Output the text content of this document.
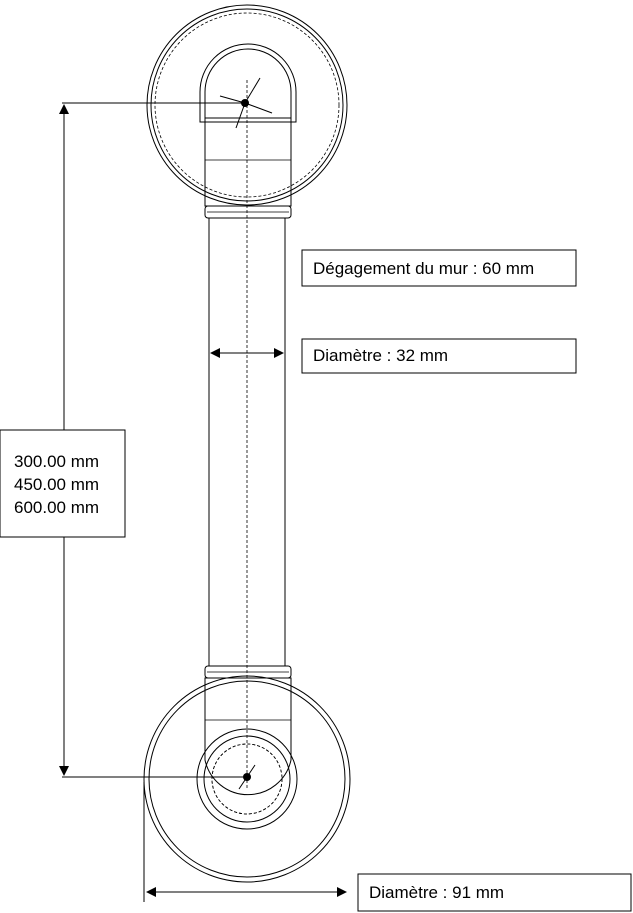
Dégagement du mur : 60 mm
Diamètre : 32 mm
300.00 mm
450.00 mm
600.00 mm
Diamètre : 91 mm
